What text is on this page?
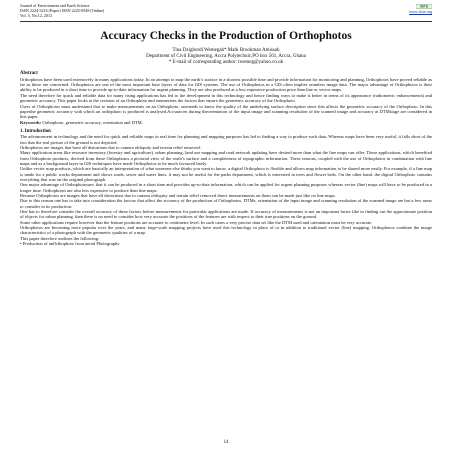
Journal of Environment and Earth Science
ISSN 2224-3216 (Paper) ISSN 2225-0948 (Online)
Vol. 3, No.12, 2013
IISTE
www.iiste.org
Accuracy Checks in the Production of Orthophotos
Tina Dzigbordi Wemegah* Mark Brookman Amissah
Department of Civil Engineering, Accra Polytechnic,PO box 561, Accra, Ghana
* E-mail of corresponding author: twemeg@yahoo.co.uk
Abstract

Orthophotos have been used extensively in many applications today. In an attempt to map the earth’s surface in a shortest possible time and provide information for monitoring and planning, Orthophotos have proved reliable as far as these are concerned. Orthophotos are one of the most important base layers of data for GIS systems. The use of Orthophotos in a GIS often implies seamless image data. The major advantage of Orthophotos is their ability to be produced in a short time to provide up-to-date information for urgent planning. They are also produced at a less expensive production price than line or vector maps.

The need therefore for quick and reliable data for many rising applications has led to the development in this technology and hence finding ways to make it better in terms of its appearance (radiometric enhancements) and geometric accuracy. This paper looks at the creation of an Orthophoto and enumerates the factors that ensure the geometric accuracy of the Orthophoto.

Users of Orthophotos must understand that to make measurements on an Orthophoto, oneneeds to know the quality of the underlying surface description since this affects the geometric accuracy of the Orthophoto. In this paperthe geometric accuracy with which an orthophoto is produced is analysed.Accuracies during theorientation of the input image and scanning resolution of the scanned image and accuracy at DTMstage are considered in this paper.

Keywords: Orthophoto, geometric accuracy, orientation and DTM.
1. Introduction

The advancement in technology and the need for quick and reliable maps in real time for planning and mapping purposes has led to finding a way to produce such data. Whereas maps have been very useful, it falls short of the fact that the real picture of the ground is not depicted.

Orthophotos are images that have all distortions due to camera obliquity and terrain relief removed.

Many application areas like resource inventory (forestry and agriculture), urban planning, land use mapping and road network updating have desired more than what the line maps can offer. These applications, which benefited from Orthophoto products, derived from these Orthophotos a pictorial view of the earth’s surface and a completeness of topographic information. These reasons, coupled with the use of Orthophotos in combination with line maps and as a background layer in GIS techniques have made Orthophotos to be much favoured lately.

Unlike vector map products, which are basically an interpretation of what someone else thinks you want to know, a digital Orthophoto is flexible and allows map information to be shared more easily. For example, if a line map is made for a public works department and shows roads, sewer and water lines, it may not be useful for the parks department, which is interested in trees and flower beds. On the other hand, the digital Orthophoto contains everything that was on the original photograph.

One major advantage of Orthophotosare, that it can be produced in a short time and provides up-to-date information, which can be applied for urgent planning purposes whereas vector (line) maps will have to be produced in a longer time. Orthophotos are also less expensive to produce than line maps.

Because Orthophotos are images that have all distortions due to camera obliquity and terrain relief removed direct measurements on them can be made just like on line maps.

Due to this reason one has to take into consideration the factors that affect the accuracy of the production of Orthophotos. DTMs, orientation of the input image and scanning resolution of the scanned image are but a few areas to consider in its production.

One has to therefore consider the overall accuracy of these factors before measurements for particular applications are made. If accuracy of measurements is not an important factor like in finding out the approximate position of objects for urban planning, then there is no need to consider how very accurate the positions of the features are with respect to their true positions on the ground.

Some other applications require however that the feature positions are accurate to centimetre level. In such cases a very precise data set like the DTM used and orientation must be very accurate.

Orthophotos are becoming more popular over the years, and many large-scale mapping projects have used this technology in place of or in addition to traditional vector (line) mapping. Orthophotos combine the image characteristics of a photograph with the geometric qualities of a map.

This paper therefore outlines the following:

• Production of anOrthophoto from aerial Photographs.

14
